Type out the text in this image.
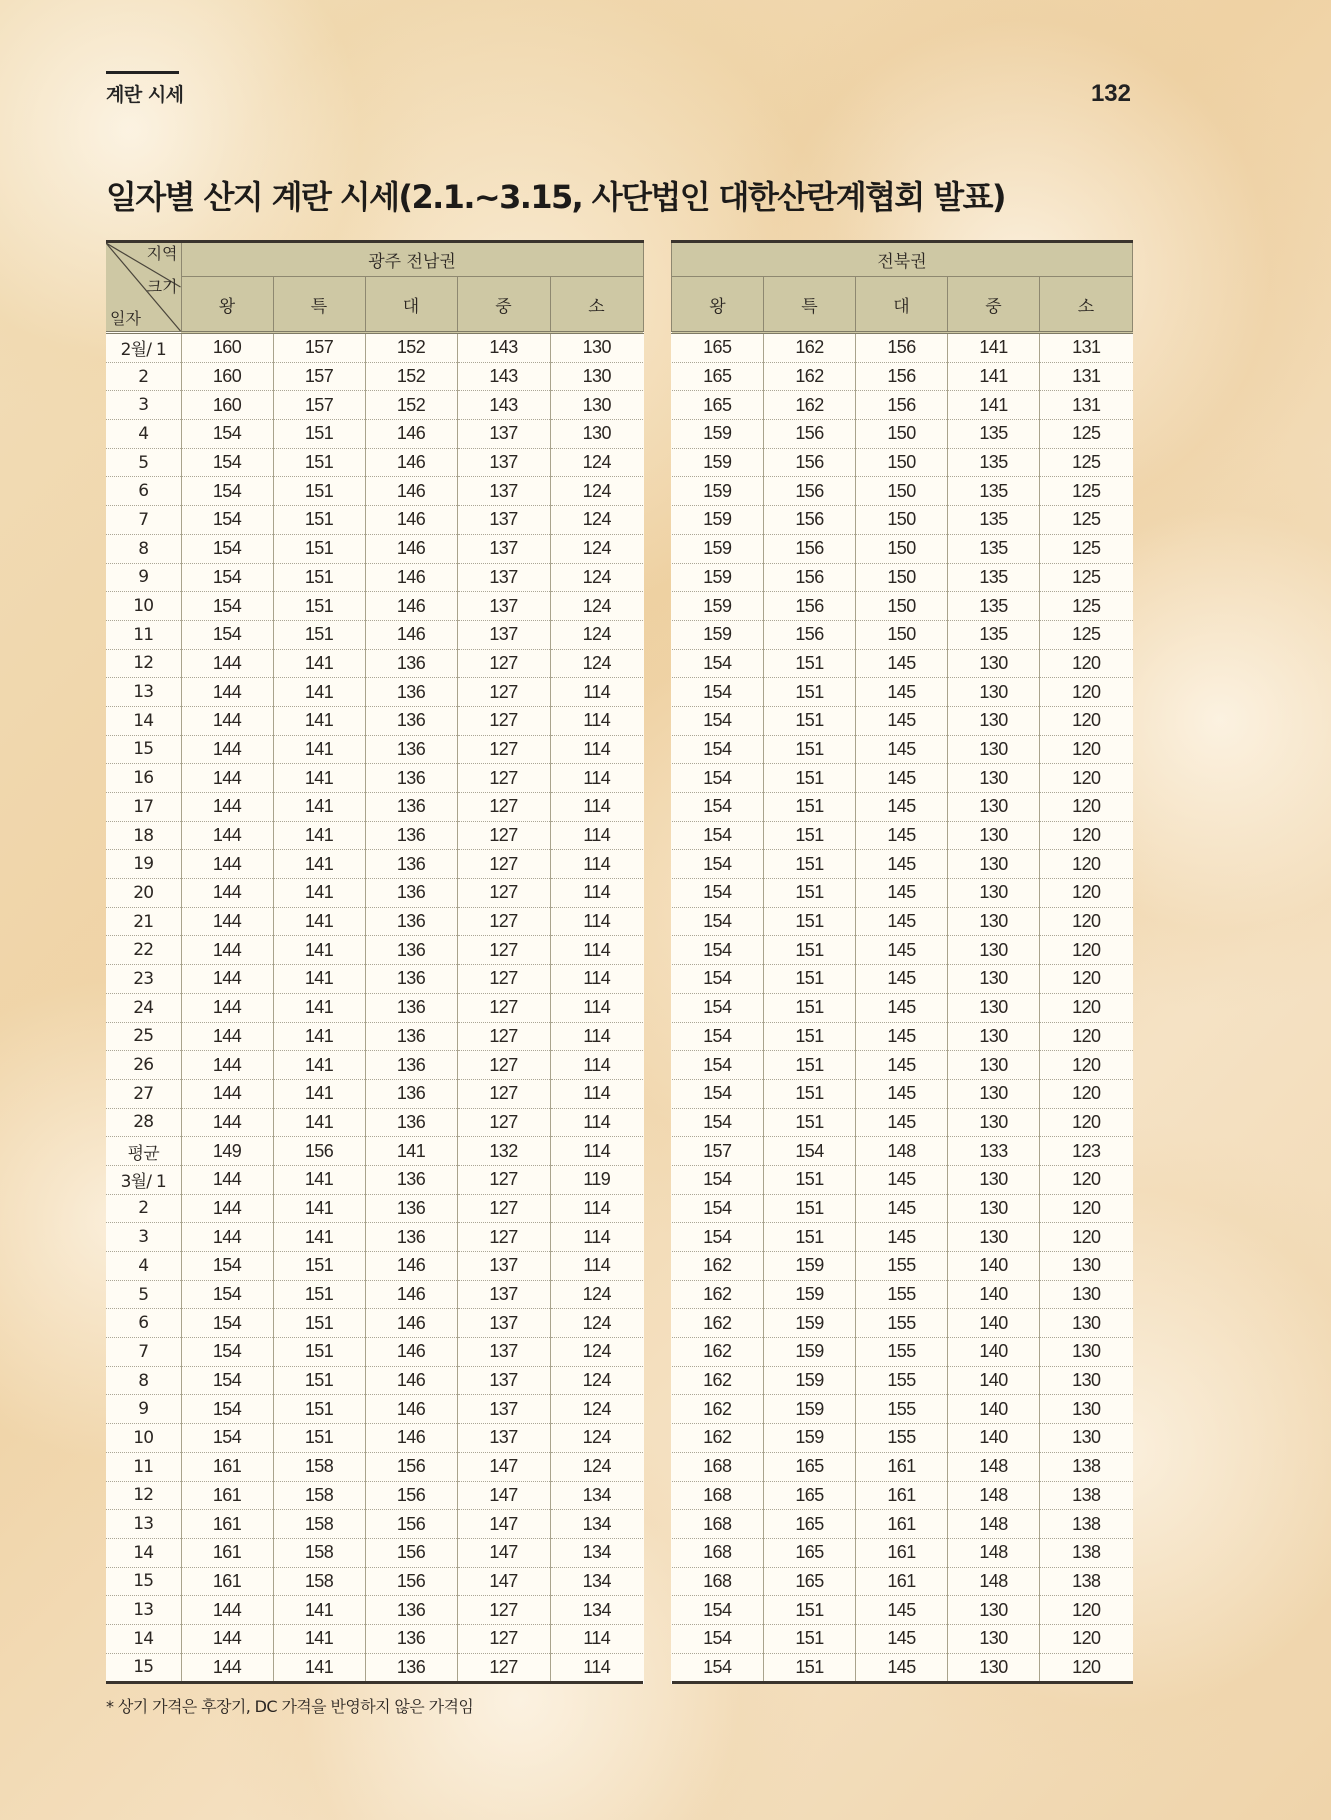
계란 시세	132
일자별 산지 계란 시세(2.1.~3.15, 사단법인 대한산란계협회 발표)
지역
크기
일자	광주 전남권				
	왕	특	대	중	소
2월/ 1	160	157	152	143	130
2	160	157	152	143	130
3	160	157	152	143	130
4	154	151	146	137	130
5	154	151	146	137	124
6	154	151	146	137	124
7	154	151	146	137	124
8	154	151	146	137	124
9	154	151	146	137	124
10	154	151	146	137	124
11	154	151	146	137	124
12	144	141	136	127	124
13	144	141	136	127	114
14	144	141	136	127	114
15	144	141	136	127	114
16	144	141	136	127	114
17	144	141	136	127	114
18	144	141	136	127	114
19	144	141	136	127	114
20	144	141	136	127	114
21	144	141	136	127	114
22	144	141	136	127	114
23	144	141	136	127	114
24	144	141	136	127	114
25	144	141	136	127	114
26	144	141	136	127	114
27	144	141	136	127	114
28	144	141	136	127	114
평균	149	156	141	132	114
3월/ 1	144	141	136	127	119
2	144	141	136	127	114
3	144	141	136	127	114
4	154	151	146	137	114
5	154	151	146	137	124
6	154	151	146	137	124
7	154	151	146	137	124
8	154	151	146	137	124
9	154	151	146	137	124
10	154	151	146	137	124
11	161	158	156	147	124
12	161	158	156	147	134
13	161	158	156	147	134
14	161	158	156	147	134
15	161	158	156	147	134
13	144	141	136	127	134
14	144	141	136	127	114
15	144	141	136	127	114
전북권				
왕	특	대	중	소
165	162	156	141	131
165	162	156	141	131
165	162	156	141	131
159	156	150	135	125
159	156	150	135	125
159	156	150	135	125
159	156	150	135	125
159	156	150	135	125
159	156	150	135	125
159	156	150	135	125
159	156	150	135	125
154	151	145	130	120
154	151	145	130	120
154	151	145	130	120
154	151	145	130	120
154	151	145	130	120
154	151	145	130	120
154	151	145	130	120
154	151	145	130	120
154	151	145	130	120
154	151	145	130	120
154	151	145	130	120
154	151	145	130	120
154	151	145	130	120
154	151	145	130	120
154	151	145	130	120
154	151	145	130	120
154	151	145	130	120
157	154	148	133	123
154	151	145	130	120
154	151	145	130	120
154	151	145	130	120
162	159	155	140	130
162	159	155	140	130
162	159	155	140	130
162	159	155	140	130
162	159	155	140	130
162	159	155	140	130
162	159	155	140	130
168	165	161	148	138
168	165	161	148	138
168	165	161	148	138
168	165	161	148	138
168	165	161	148	138
154	151	145	130	120
154	151	145	130	120
154	151	145	130	120
* 상기 가격은 후장기, DC 가격을 반영하지 않은 가격임
